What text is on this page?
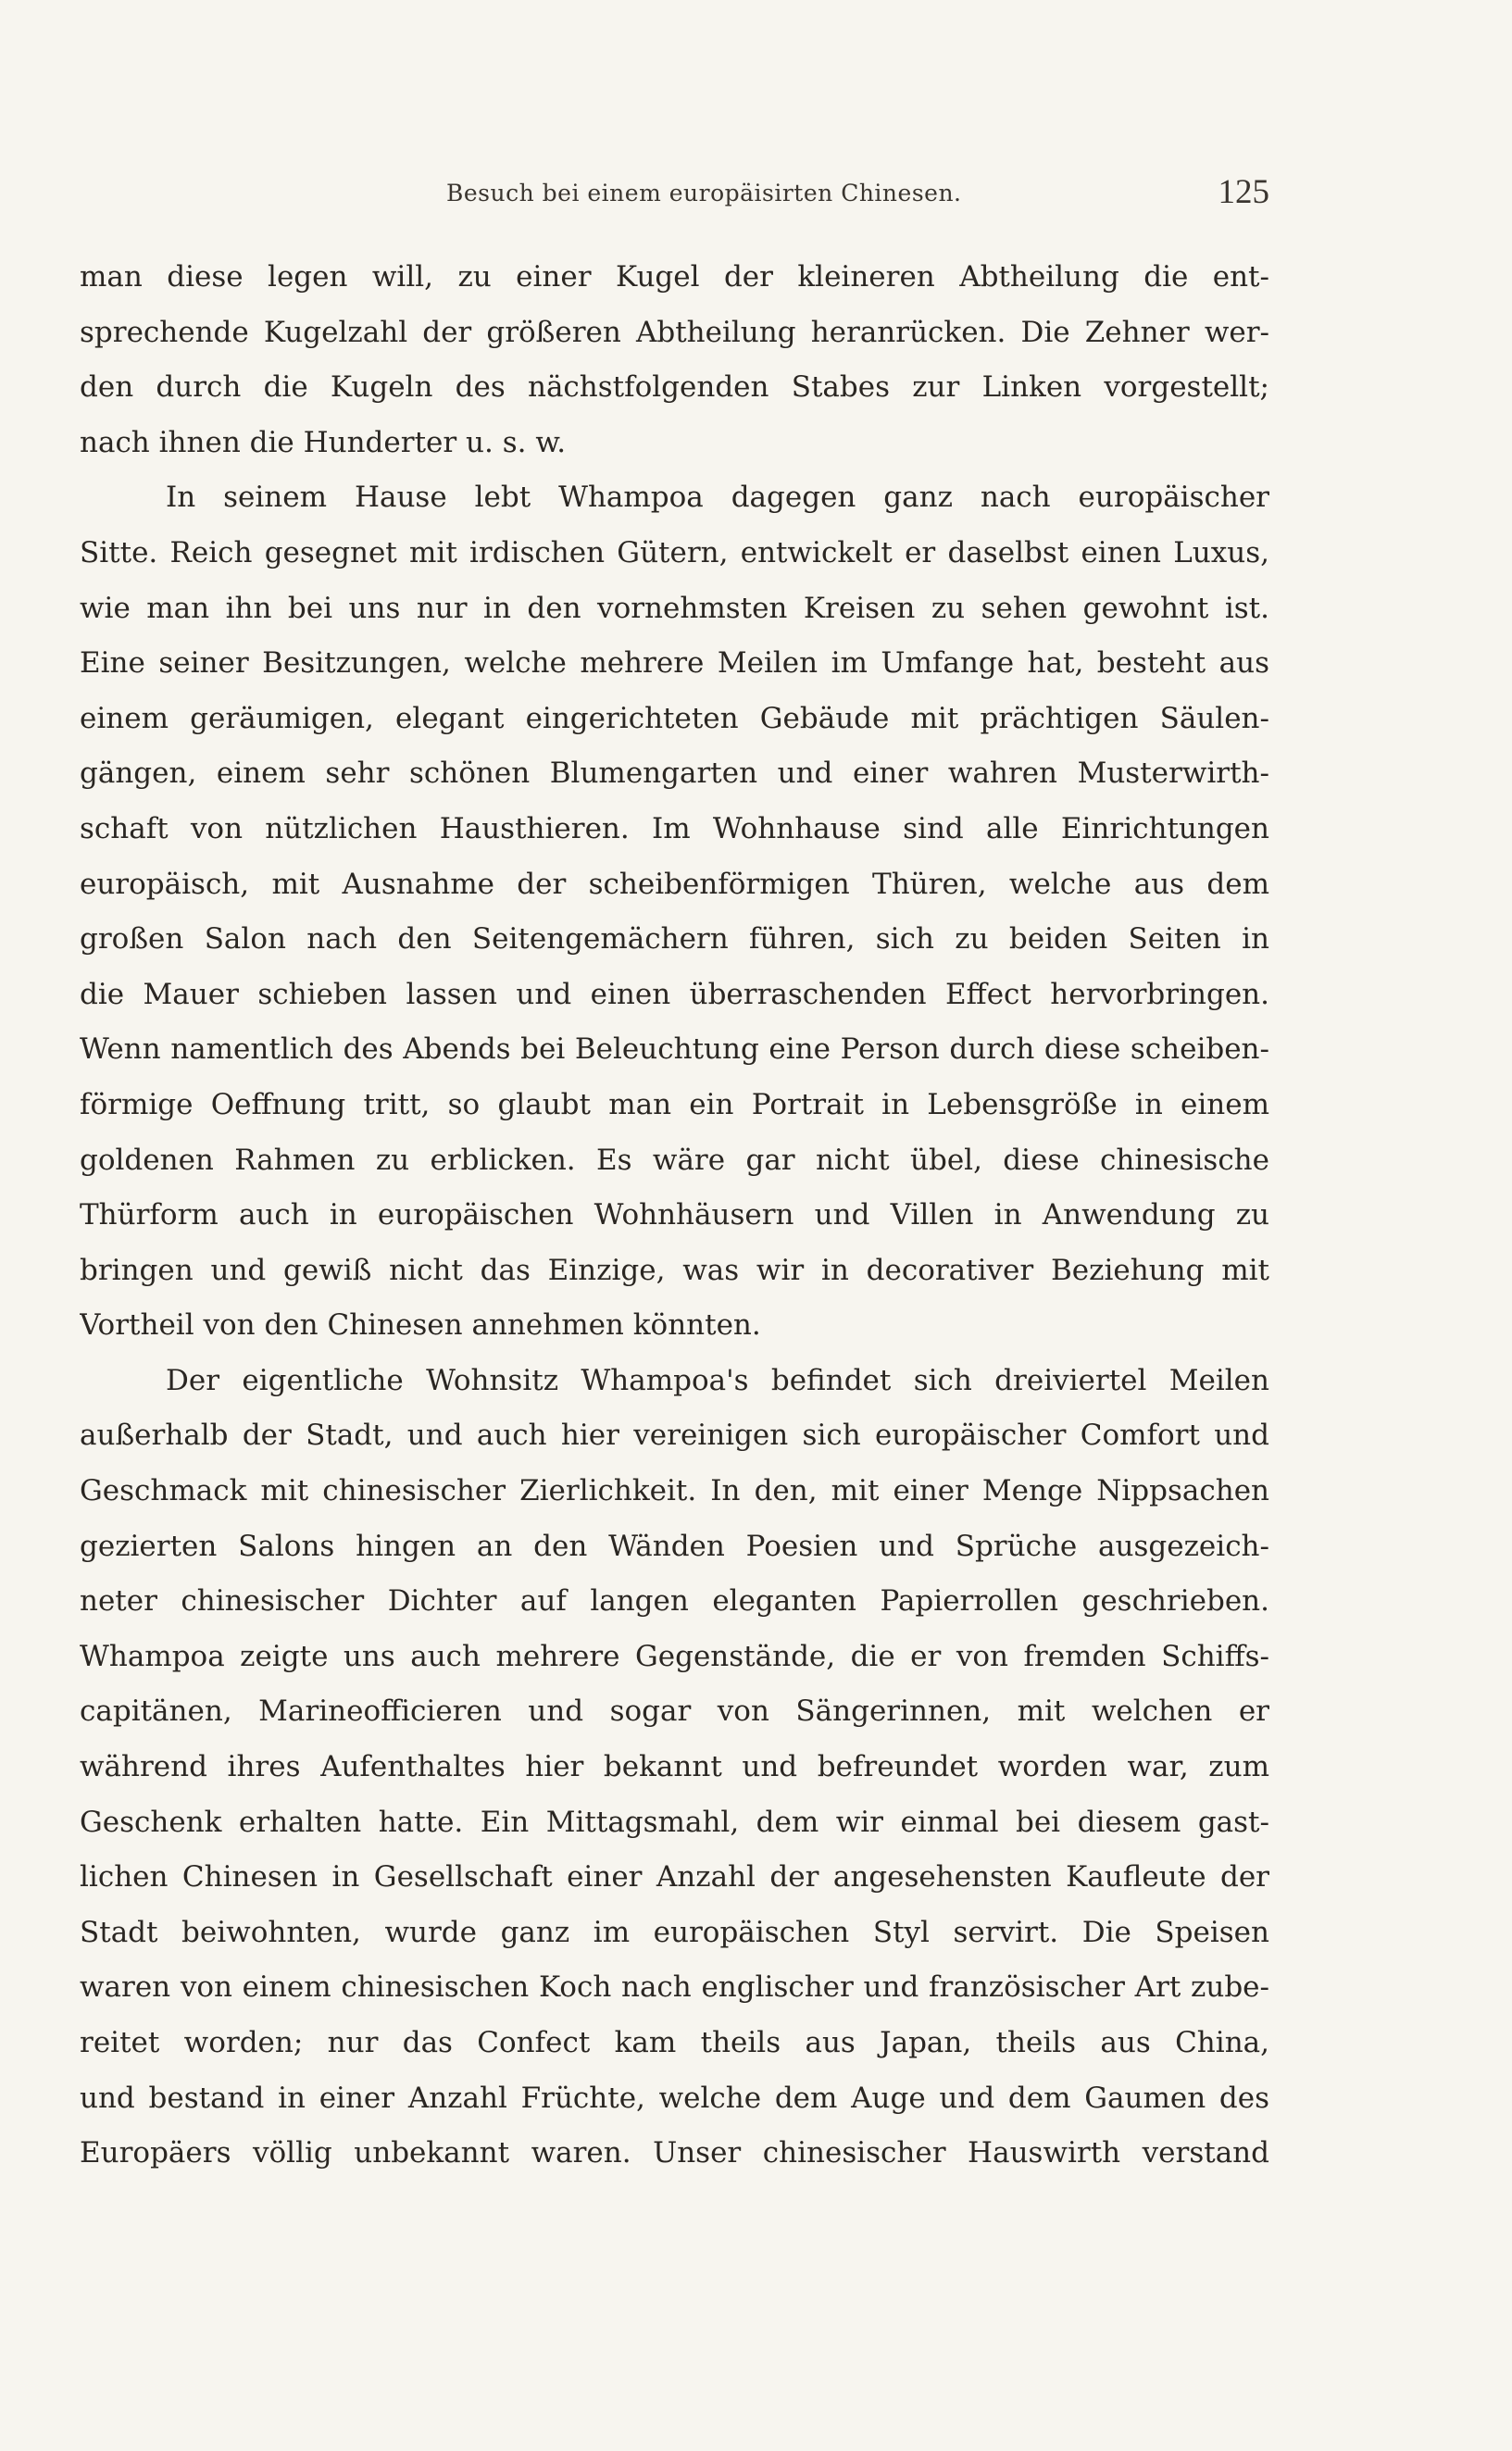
Besuch bei einem europäisirten Chinesen.	125
man diese legen will, zu einer Kugel der kleineren Abtheilung die ent-
sprechende Kugelzahl der größeren Abtheilung heranrücken. Die Zehner wer-
den durch die Kugeln des nächstfolgenden Stabes zur Linken vorgestellt;
nach ihnen die Hunderter u. s. w.
In seinem Hause lebt Whampoa dagegen ganz nach europäischer
Sitte. Reich gesegnet mit irdischen Gütern, entwickelt er daselbst einen Luxus,
wie man ihn bei uns nur in den vornehmsten Kreisen zu sehen gewohnt ist.
Eine seiner Besitzungen, welche mehrere Meilen im Umfange hat, besteht aus
einem geräumigen, elegant eingerichteten Gebäude mit prächtigen Säulen-
gängen, einem sehr schönen Blumengarten und einer wahren Musterwirth-
schaft von nützlichen Hausthieren. Im Wohnhause sind alle Einrichtungen
europäisch, mit Ausnahme der scheibenförmigen Thüren, welche aus dem
großen Salon nach den Seitengemächern führen, sich zu beiden Seiten in
die Mauer schieben lassen und einen überraschenden Effect hervorbringen.
Wenn namentlich des Abends bei Beleuchtung eine Person durch diese scheiben-
förmige Oeffnung tritt, so glaubt man ein Portrait in Lebensgröße in einem
goldenen Rahmen zu erblicken. Es wäre gar nicht übel, diese chinesische
Thürform auch in europäischen Wohnhäusern und Villen in Anwendung zu
bringen und gewiß nicht das Einzige, was wir in decorativer Beziehung mit
Vortheil von den Chinesen annehmen könnten.
Der eigentliche Wohnsitz Whampoa's befindet sich dreiviertel Meilen
außerhalb der Stadt, und auch hier vereinigen sich europäischer Comfort und
Geschmack mit chinesischer Zierlichkeit. In den, mit einer Menge Nippsachen
gezierten Salons hingen an den Wänden Poesien und Sprüche ausgezeich-
neter chinesischer Dichter auf langen eleganten Papierrollen geschrieben.
Whampoa zeigte uns auch mehrere Gegenstände, die er von fremden Schiffs-
capitänen, Marineofficieren und sogar von Sängerinnen, mit welchen er
während ihres Aufenthaltes hier bekannt und befreundet worden war, zum
Geschenk erhalten hatte. Ein Mittagsmahl, dem wir einmal bei diesem gast-
lichen Chinesen in Gesellschaft einer Anzahl der angesehensten Kaufleute der
Stadt beiwohnten, wurde ganz im europäischen Styl servirt. Die Speisen
waren von einem chinesischen Koch nach englischer und französischer Art zube-
reitet worden; nur das Confect kam theils aus Japan, theils aus China,
und bestand in einer Anzahl Früchte, welche dem Auge und dem Gaumen des
Europäers völlig unbekannt waren. Unser chinesischer Hauswirth verstand
